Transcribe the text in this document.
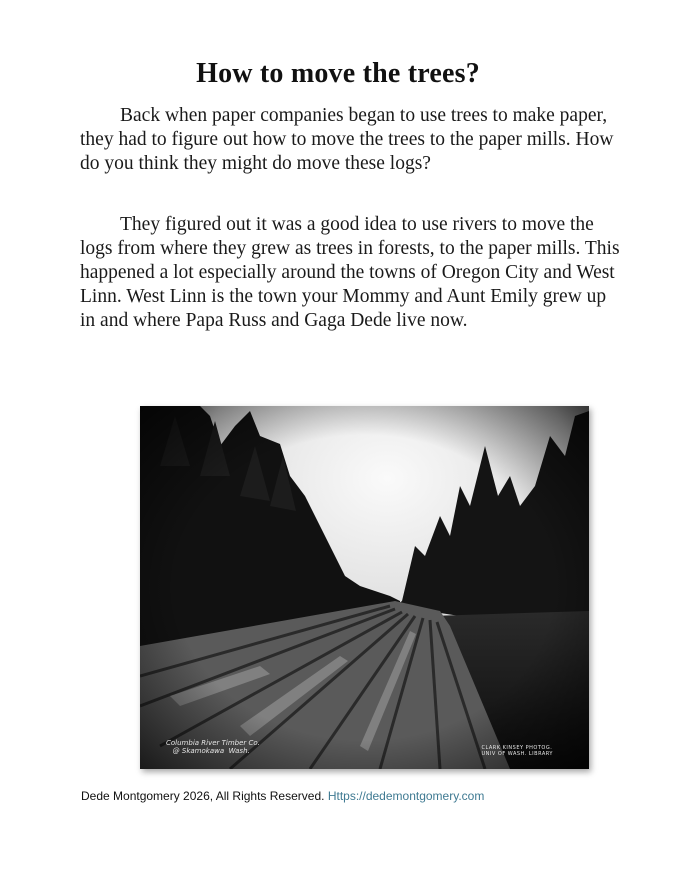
How to move the trees?

Back when paper companies began to use trees to make paper, they had to figure out how to move the trees to the paper mills. How do you think they might do move these logs?

They figured out it was a good idea to use rivers to move the logs from where they grew as trees in forests, to the paper mills. This happened a lot especially around the towns of Oregon City and West Linn. West Linn is the town your Mommy and Aunt Emily grew up in and where Papa Russ and Gaga Dede live now.

Columbia River Timber Co.
@ Skamokawa  Wash.	CLARK KINSEY PHOTOG.
UNIV OF WASH. LIBRARY
Dede Montgomery 2026, All Rights Reserved. Https://dedemontgomery.com
